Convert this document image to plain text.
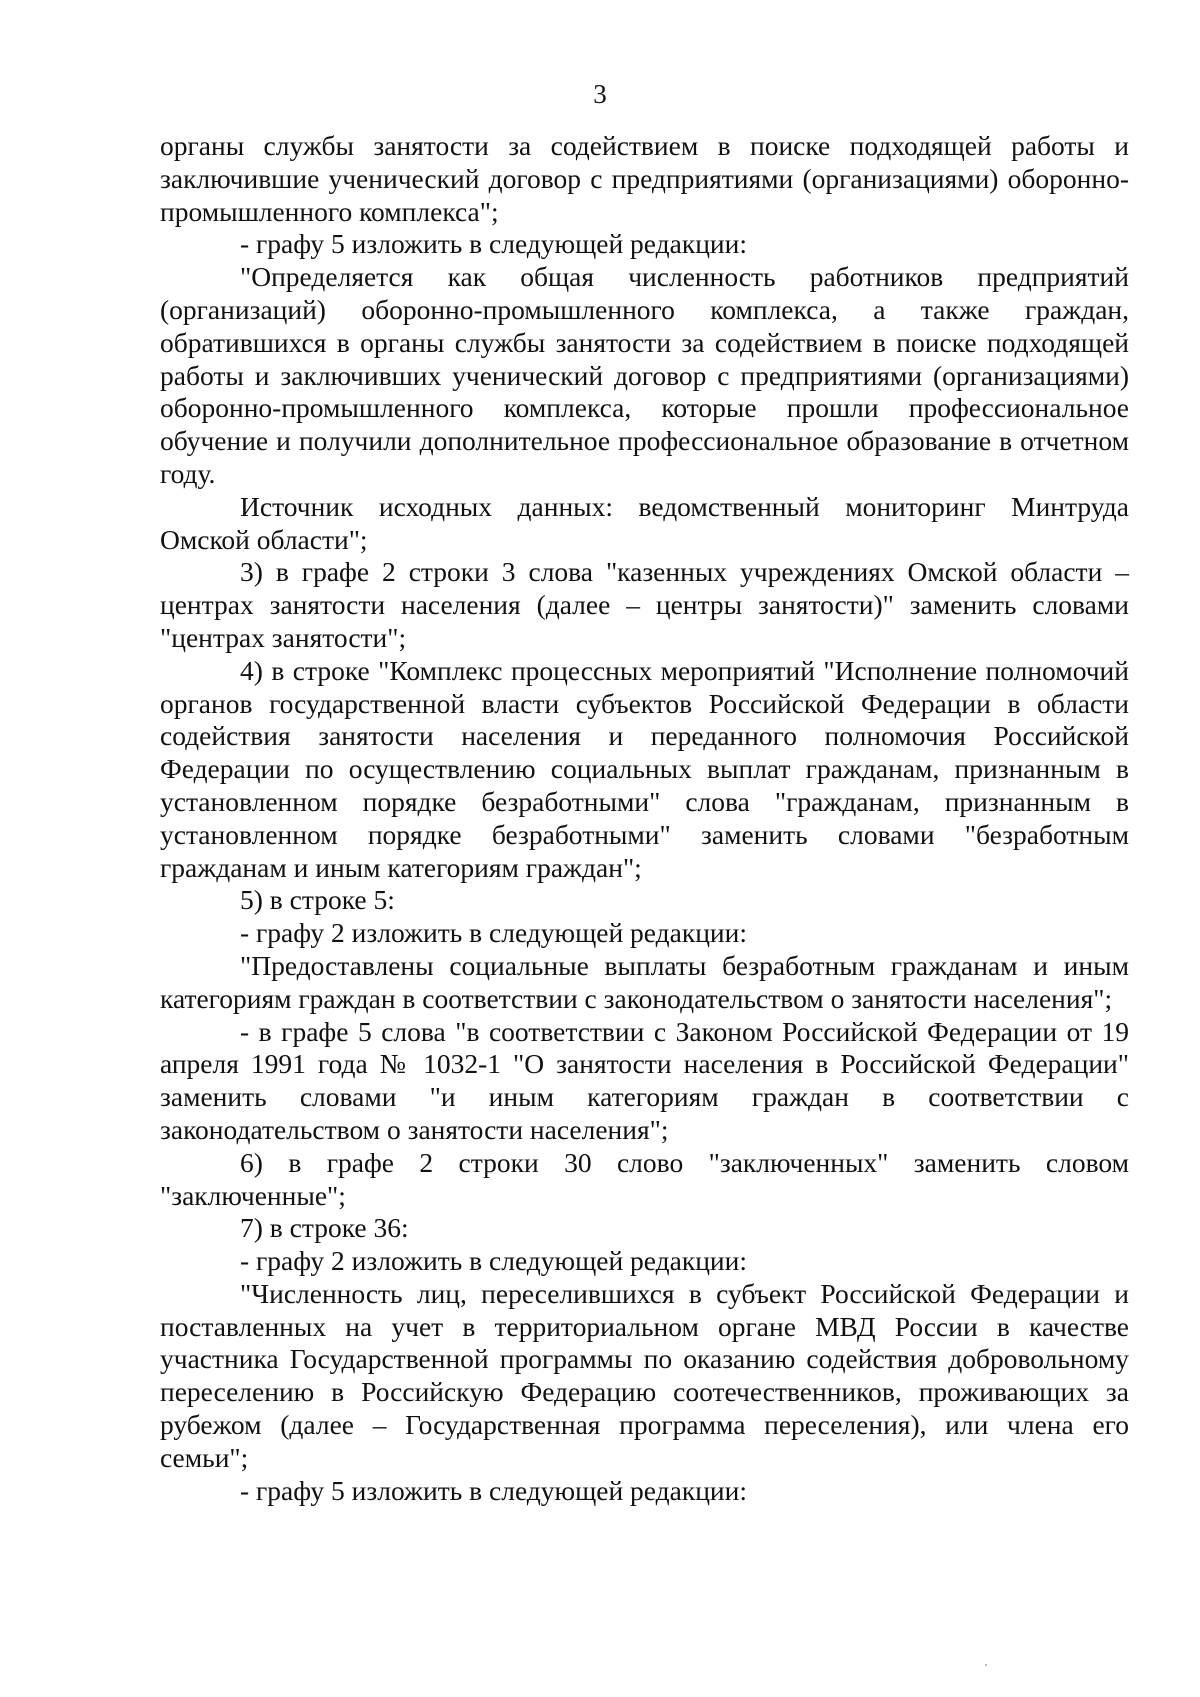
3

органы службы занятости за содействием в поиске подходящей работы и заключившие ученический договор с предприятиями (организациями) оборонно-промышленного комплекса";

- графу 5 изложить в следующей редакции:

"Определяется как общая численность работников предприятий (организаций) оборонно-промышленного комплекса, а также граждан, обратившихся в органы службы занятости за содействием в поиске подходящей работы и заключивших ученический договор с предприятиями (организациями) оборонно-промышленного комплекса, которые прошли профессиональное обучение и получили дополнительное профессиональное образование в отчетном году.

Источник исходных данных: ведомственный мониторинг Минтруда Омской области";

3) в графе 2 строки 3 слова "казенных учреждениях Омской области – центрах занятости населения (далее – центры занятости)" заменить словами "центрах занятости";

4) в строке "Комплекс процессных мероприятий "Исполнение полномочий органов государственной власти субъектов Российской Федерации в области содействия занятости населения и переданного полномочия Российской Федерации по осуществлению социальных выплат гражданам, признанным в установленном порядке безработными" слова "гражданам, признанным в установленном порядке безработными" заменить словами "безработным гражданам и иным категориям граждан";

5) в строке 5:

- графу 2 изложить в следующей редакции:

"Предоставлены социальные выплаты безработным гражданам и иным категориям граждан в соответствии с законодательством о занятости населения";

- в графе 5 слова "в соответствии с Законом Российской Федерации от 19 апреля 1991 года № 1032-1 "О занятости населения в Российской Федерации" заменить словами "и иным категориям граждан в соответствии с законодательством о занятости населения";

6) в графе 2 строки 30 слово "заключенных" заменить словом "заключенные";

7) в строке 36:

- графу 2 изложить в следующей редакции:

"Численность лиц, переселившихся в субъект Российской Федерации и поставленных на учет в территориальном органе МВД России в качестве участника Государственной программы по оказанию содействия добровольному переселению в Российскую Федерацию соотечественников, проживающих за рубежом (далее – Государственная программа переселения), или члена его семьи";

- графу 5 изложить в следующей редакции:
